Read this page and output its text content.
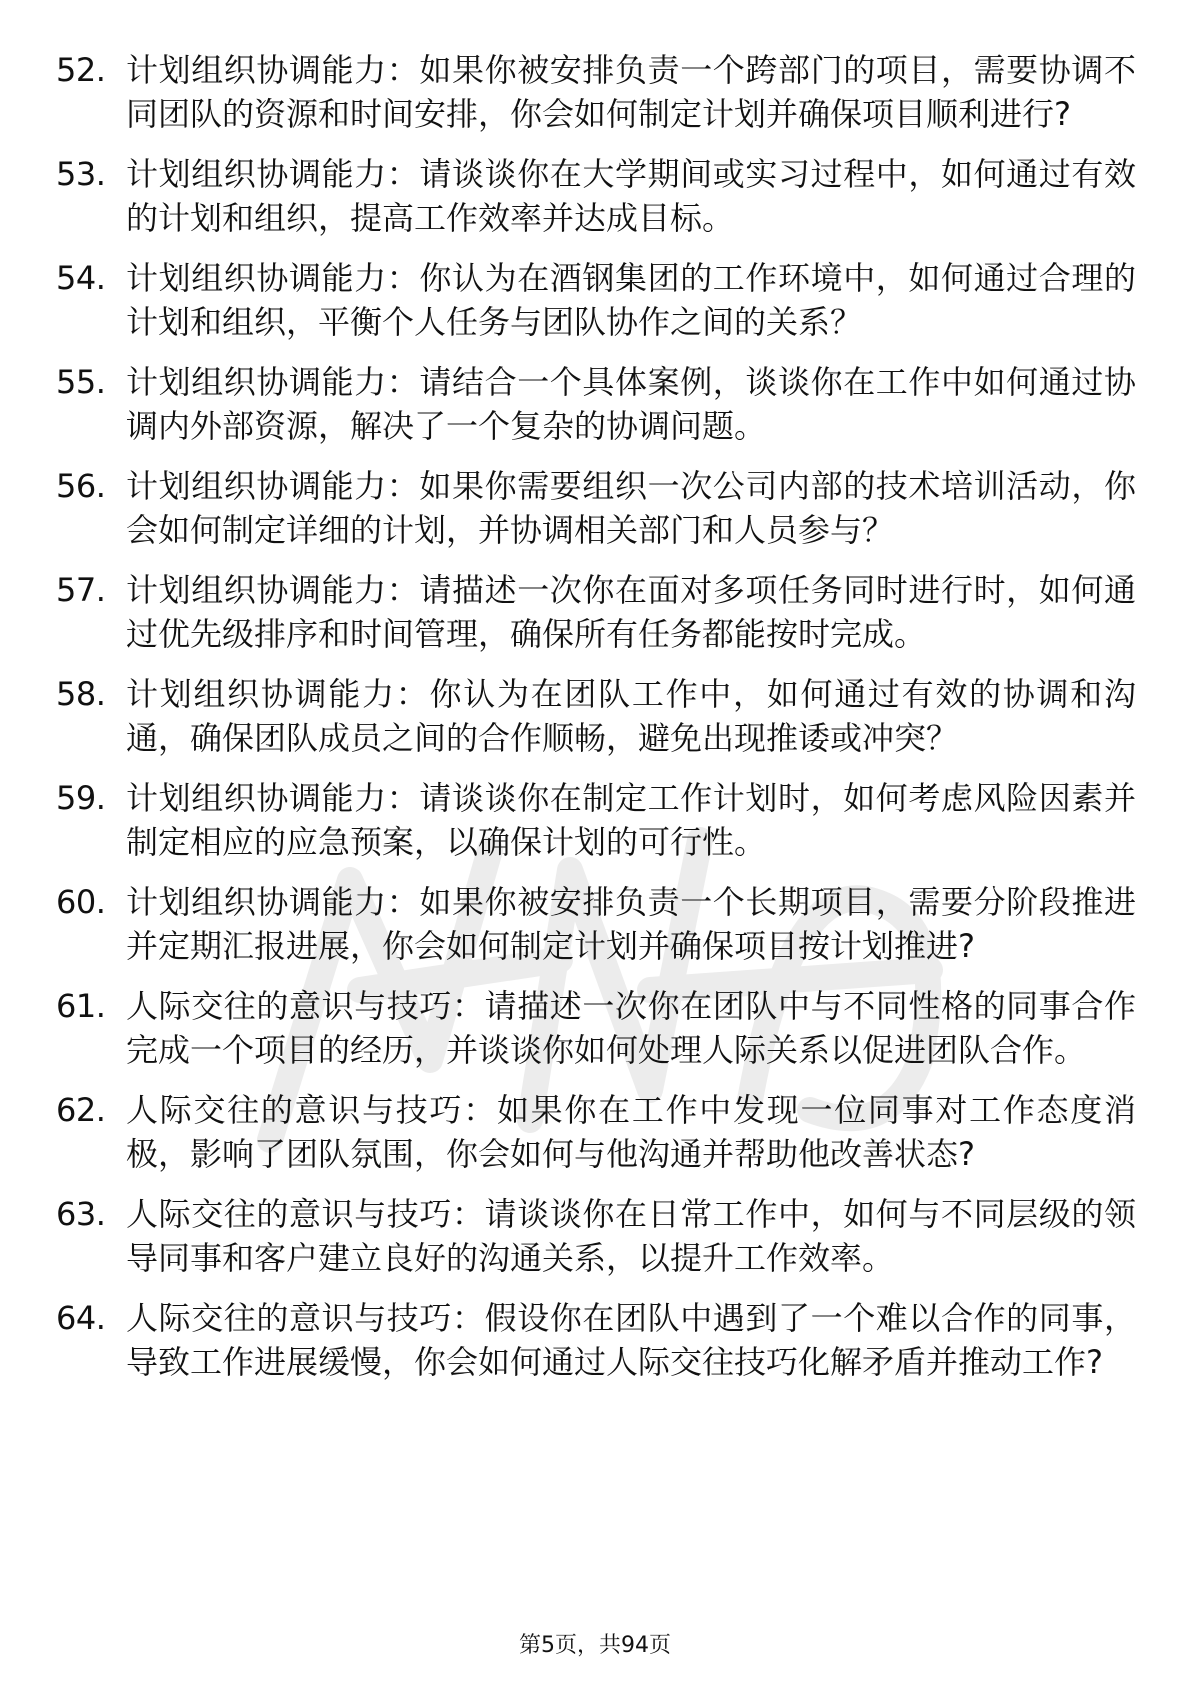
52. 计划组织协调能力：如果你被安排负责一个跨部门的项目，需要协调不同团队的资源和时间安排，你会如何制定计划并确保项目顺利进行?
53. 计划组织协调能力：请谈谈你在大学期间或实习过程中，如何通过有效的计划和组织，提高工作效率并达成目标。
54. 计划组织协调能力：你认为在酒钢集团的工作环境中，如何通过合理的计划和组织，平衡个人任务与团队协作之间的关系？
55. 计划组织协调能力：请结合一个具体案例，谈谈你在工作中如何通过协调内外部资源，解决了一个复杂的协调问题。
56. 计划组织协调能力：如果你需要组织一次公司内部的技术培训活动，你会如何制定详细的计划，并协调相关部门和人员参与？
57. 计划组织协调能力：请描述一次你在面对多项任务同时进行时，如何通过优先级排序和时间管理，确保所有任务都能按时完成。
58. 计划组织协调能力：你认为在团队工作中，如何通过有效的协调和沟通，确保团队成员之间的合作顺畅，避免出现推诿或冲突？
59. 计划组织协调能力：请谈谈你在制定工作计划时，如何考虑风险因素并制定相应的应急预案，以确保计划的可行性。
60. 计划组织协调能力：如果你被安排负责一个长期项目，需要分阶段推进并定期汇报进展，你会如何制定计划并确保项目按计划推进?
61. 人际交往的意识与技巧：请描述一次你在团队中与不同性格的同事合作完成一个项目的经历，并谈谈你如何处理人际关系以促进团队合作。
62. 人际交往的意识与技巧：如果你在工作中发现一位同事对工作态度消极，影响了团队氛围，你会如何与他沟通并帮助他改善状态?
63. 人际交往的意识与技巧：请谈谈你在日常工作中，如何与不同层级的领导同事和客户建立良好的沟通关系，以提升工作效率。
64. 人际交往的意识与技巧：假设你在团队中遇到了一个难以合作的同事，导致工作进展缓慢，你会如何通过人际交往技巧化解矛盾并推动工作?
第5页，共94页
